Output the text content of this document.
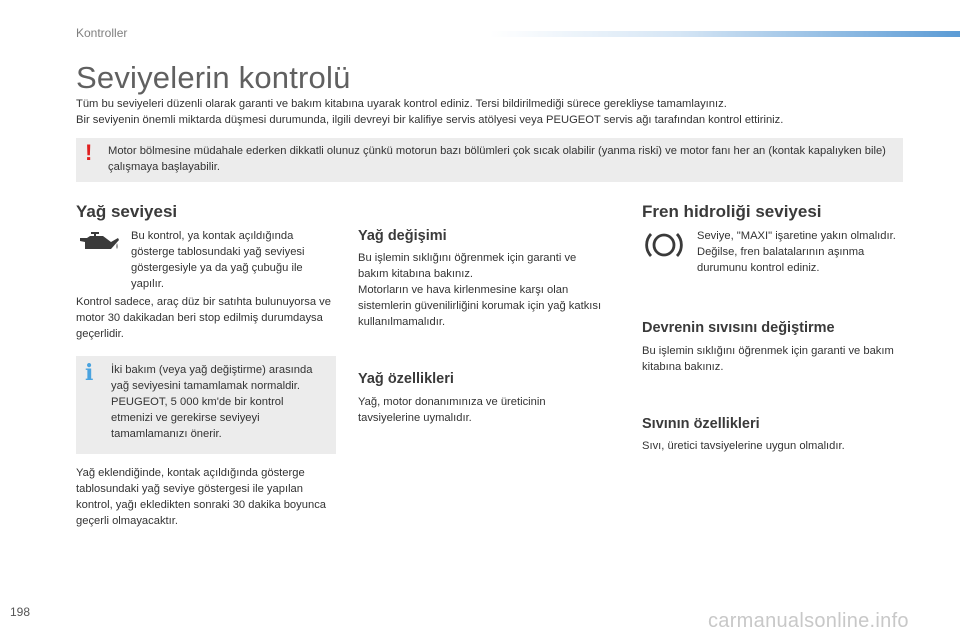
Kontroller
Seviyelerin kontrolü
Tüm bu seviyeleri düzenli olarak garanti ve bakım kitabına uyarak kontrol ediniz. Tersi bildirilmediği sürece gerekliyse tamamlayınız.
Bir seviyenin önemli miktarda düşmesi durumunda, ilgili devreyi bir kalifiye servis atölyesi veya PEUGEOT servis ağı tarafından kontrol ettiriniz.
! Motor bölmesine müdahale ederken dikkatli olunuz çünkü motorun bazı bölümleri çok sıcak olabilir (yanma riski) ve motor fanı her an (kontak kapalıyken bile) çalışmaya başlayabilir.
Yağ seviyesi
Bu kontrol, ya kontak açıldığında gösterge tablosundaki yağ seviyesi göstergesiyle ya da yağ çubuğu ile yapılır.
Kontrol sadece, araç düz bir satıhta bulunuyorsa ve motor 30 dakikadan beri stop edilmiş durumdaysa geçerlidir.
i İki bakım (veya yağ değiştirme) arasında yağ seviyesini tamamlamak normaldir. PEUGEOT, 5 000 km'de bir kontrol etmenizi ve gerekirse seviyeyi tamamlamanızı önerir.
Yağ eklendiğinde, kontak açıldığında gösterge tablosundaki yağ seviye göstergesi ile yapılan kontrol, yağı ekledikten sonraki 30 dakika boyunca geçerli olmayacaktır.
Yağ değişimi
Bu işlemin sıklığını öğrenmek için garanti ve bakım kitabına bakınız.
Motorların ve hava kirlenmesine karşı olan sistemlerin güvenilirliğini korumak için yağ katkısı kullanılmamalıdır.
Yağ özellikleri
Yağ, motor donanımınıza ve üreticinin tavsiyelerine uymalıdır.
Fren hidroliği seviyesi
Seviye, "MAXI" işaretine yakın olmalıdır. Değilse, fren balatalarının aşınma durumunu kontrol ediniz.
Devrenin sıvısını değiştirme
Bu işlemin sıklığını öğrenmek için garanti ve bakım kitabına bakınız.
Sıvının özellikleri
Sıvı, üretici tavsiyelerine uygun olmalıdır.
198	carmanualsonline.info
